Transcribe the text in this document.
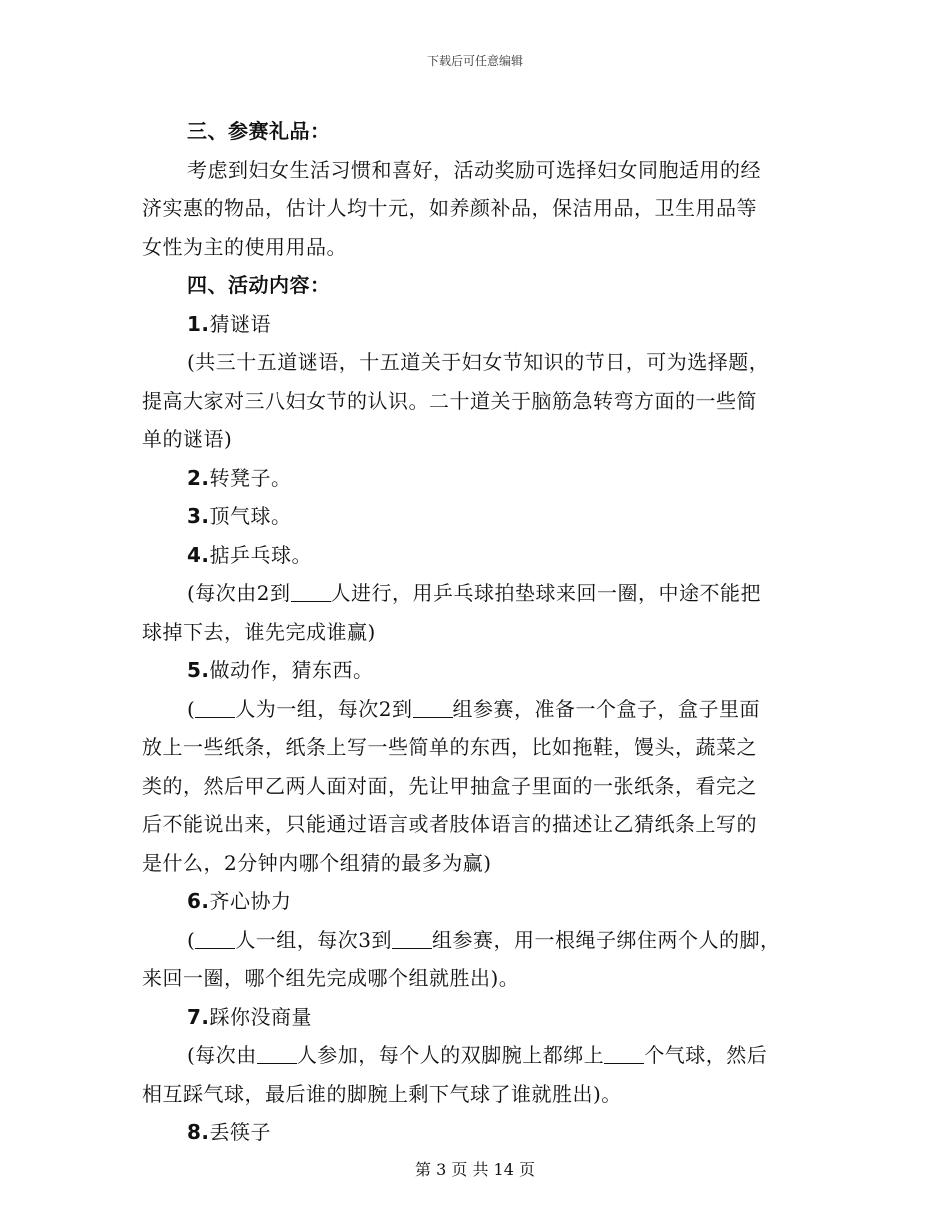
下载后可任意编辑
三、参赛礼品：
考虑到妇女生活习惯和喜好，活动奖励可选择妇女同胞适用的经
济实惠的物品，估计人均十元，如养颜补品，保洁用品，卫生用品等
女性为主的使用用品。
四、活动内容：
1.猜谜语
(共三十五道谜语，十五道关于妇女节知识的节日，可为选择题，
提高大家对三八妇女节的认识。二十道关于脑筋急转弯方面的一些简
单的谜语)
2.转凳子。
3.顶气球。
4.掂乒乓球。
(每次由2到 人进行，用乒乓球拍垫球来回一圈，中途不能把
球掉下去，谁先完成谁赢)
5.做动作，猜东西。
( 人为一组，每次2到 组参赛，准备一个盒子，盒子里面
放上一些纸条，纸条上写一些简单的东西，比如拖鞋，馒头，蔬菜之
类的，然后甲乙两人面对面，先让甲抽盒子里面的一张纸条，看完之
后不能说出来，只能通过语言或者肢体语言的描述让乙猜纸条上写的
是什么，2分钟内哪个组猜的最多为赢)
6.齐心协力
( 人一组，每次3到 组参赛，用一根绳子绑住两个人的脚，
来回一圈，哪个组先完成哪个组就胜出)。
7.踩你没商量
(每次由 人参加，每个人的双脚腕上都绑上 个气球，然后
相互踩气球，最后谁的脚腕上剩下气球了谁就胜出)。
8.丢筷子
第 3 页 共 14 页
